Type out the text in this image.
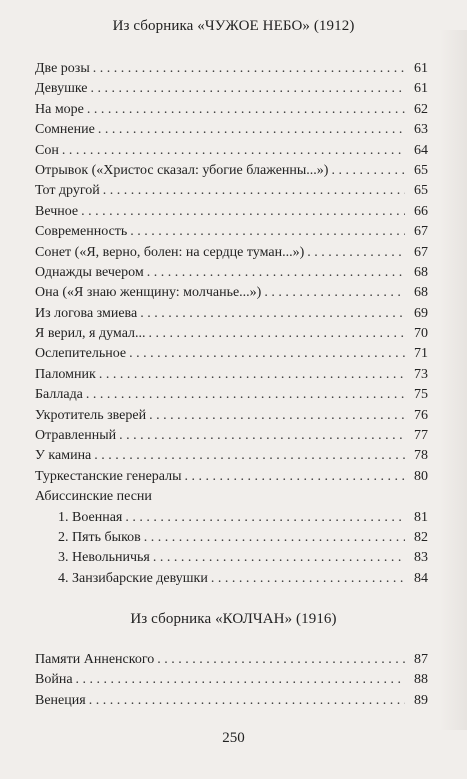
Из сборника «ЧУЖОЕ НЕБО» (1912)
Две розы . . .	61
Девушке . . .	61
На море . . .	62
Сомнение . . .	63
Сон . . .	64
Отрывок («Христос сказал: убогие блаженны...») . . .	65
Тот другой . . .	65
Вечное . . .	66
Современность . . .	67
Сонет («Я, верно, болен: на сердце туман...») . . .	67
Однажды вечером . . .	68
Она («Я знаю женщину: молчанье...») . . .	68
Из логова змиева . . .	69
Я верил, я думал... . . .	70
Ослепительное . . .	71
Паломник . . .	73
Баллада . . .	75
Укротитель зверей . . .	76
Отравленный . . .	77
У камина . . .	78
Туркестанские генералы . . .	80
Абиссинские песни
1. Военная . . .	81
2. Пять быков . . .	82
3. Невольничья . . .	83
4. Занзибарские девушки . . .	84
Из сборника «КОЛЧАН» (1916)
Памяти Анненского . . .	87
Война . . .	88
Венеция . . .	89
250
